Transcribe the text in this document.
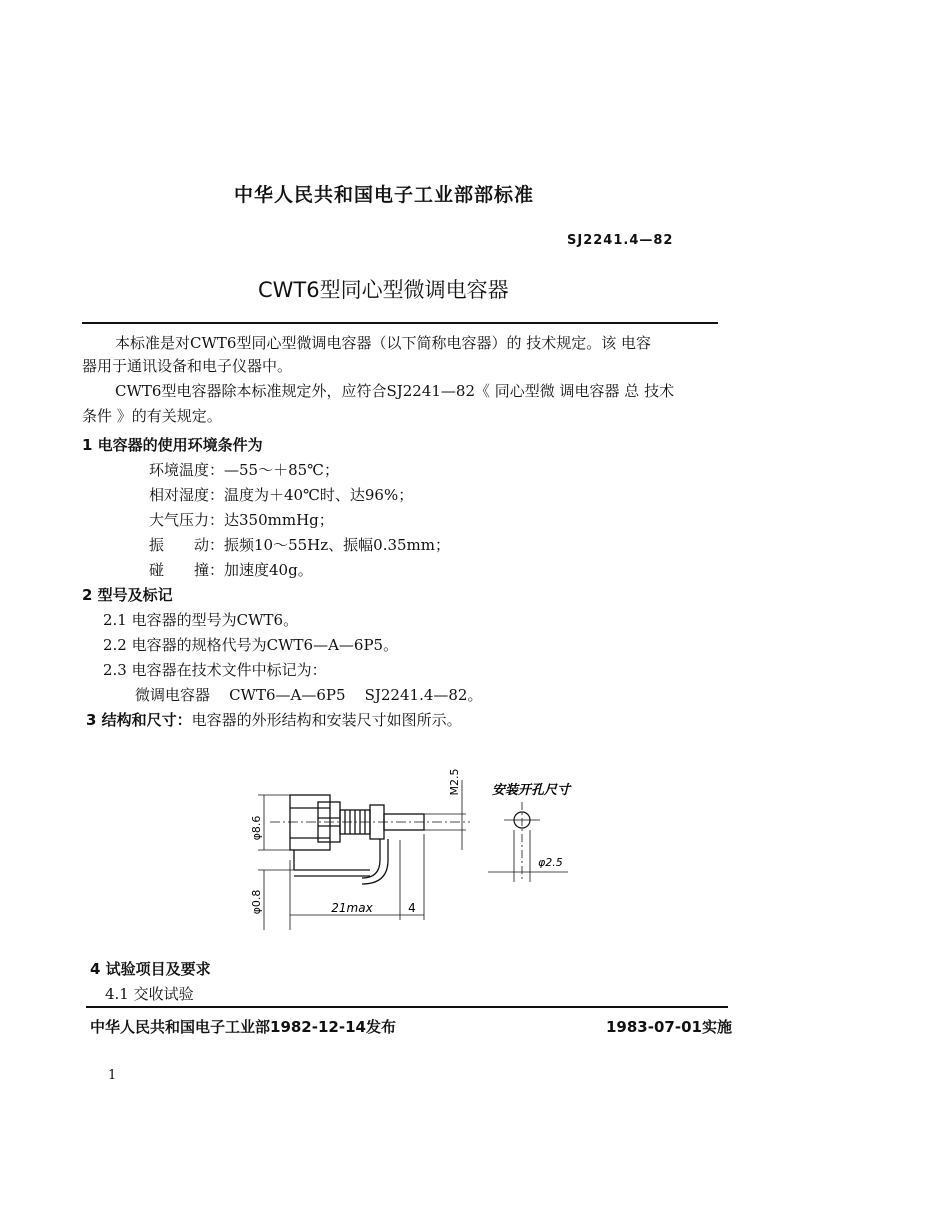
中华人民共和国电子工业部部标准
SJ2241.4—82
CWT6型同心型微调电容器
本标准是对CWT6型同心型微调电容器（以下简称电容器）的 技术规定。该 电容
器用于通讯设备和电子仪器中。
CWT6型电容器除本标准规定外，应符合SJ2241—82《 同心型微 调电容器 总 技术
条件 》的有关规定。
1 电容器的使用环境条件为
环境温度：—55～＋85℃；
相对湿度：温度为＋40℃时、达96%；
大气压力：达350mmHg；
振　　动：振频10～55Hz、振幅0.35mm；
碰　　撞：加速度40g。
2 型号及标记
2.1 电容器的型号为CWT6。
2.2 电容器的规格代号为CWT6—A—6P5。
2.3 电容器在技术文件中标记为：
微调电容器    CWT6—A—6P5    SJ2241.4—82。
3 结构和尺寸：电容器的外形结构和安装尺寸如图所示。
φ8.6
φ0.8
M2.5
21max	4
安装开孔尺寸
φ2.5
4 试验项目及要求
4.1 交收试验
中华人民共和国电子工业部1982-12-14发布	1983-07-01实施
1
